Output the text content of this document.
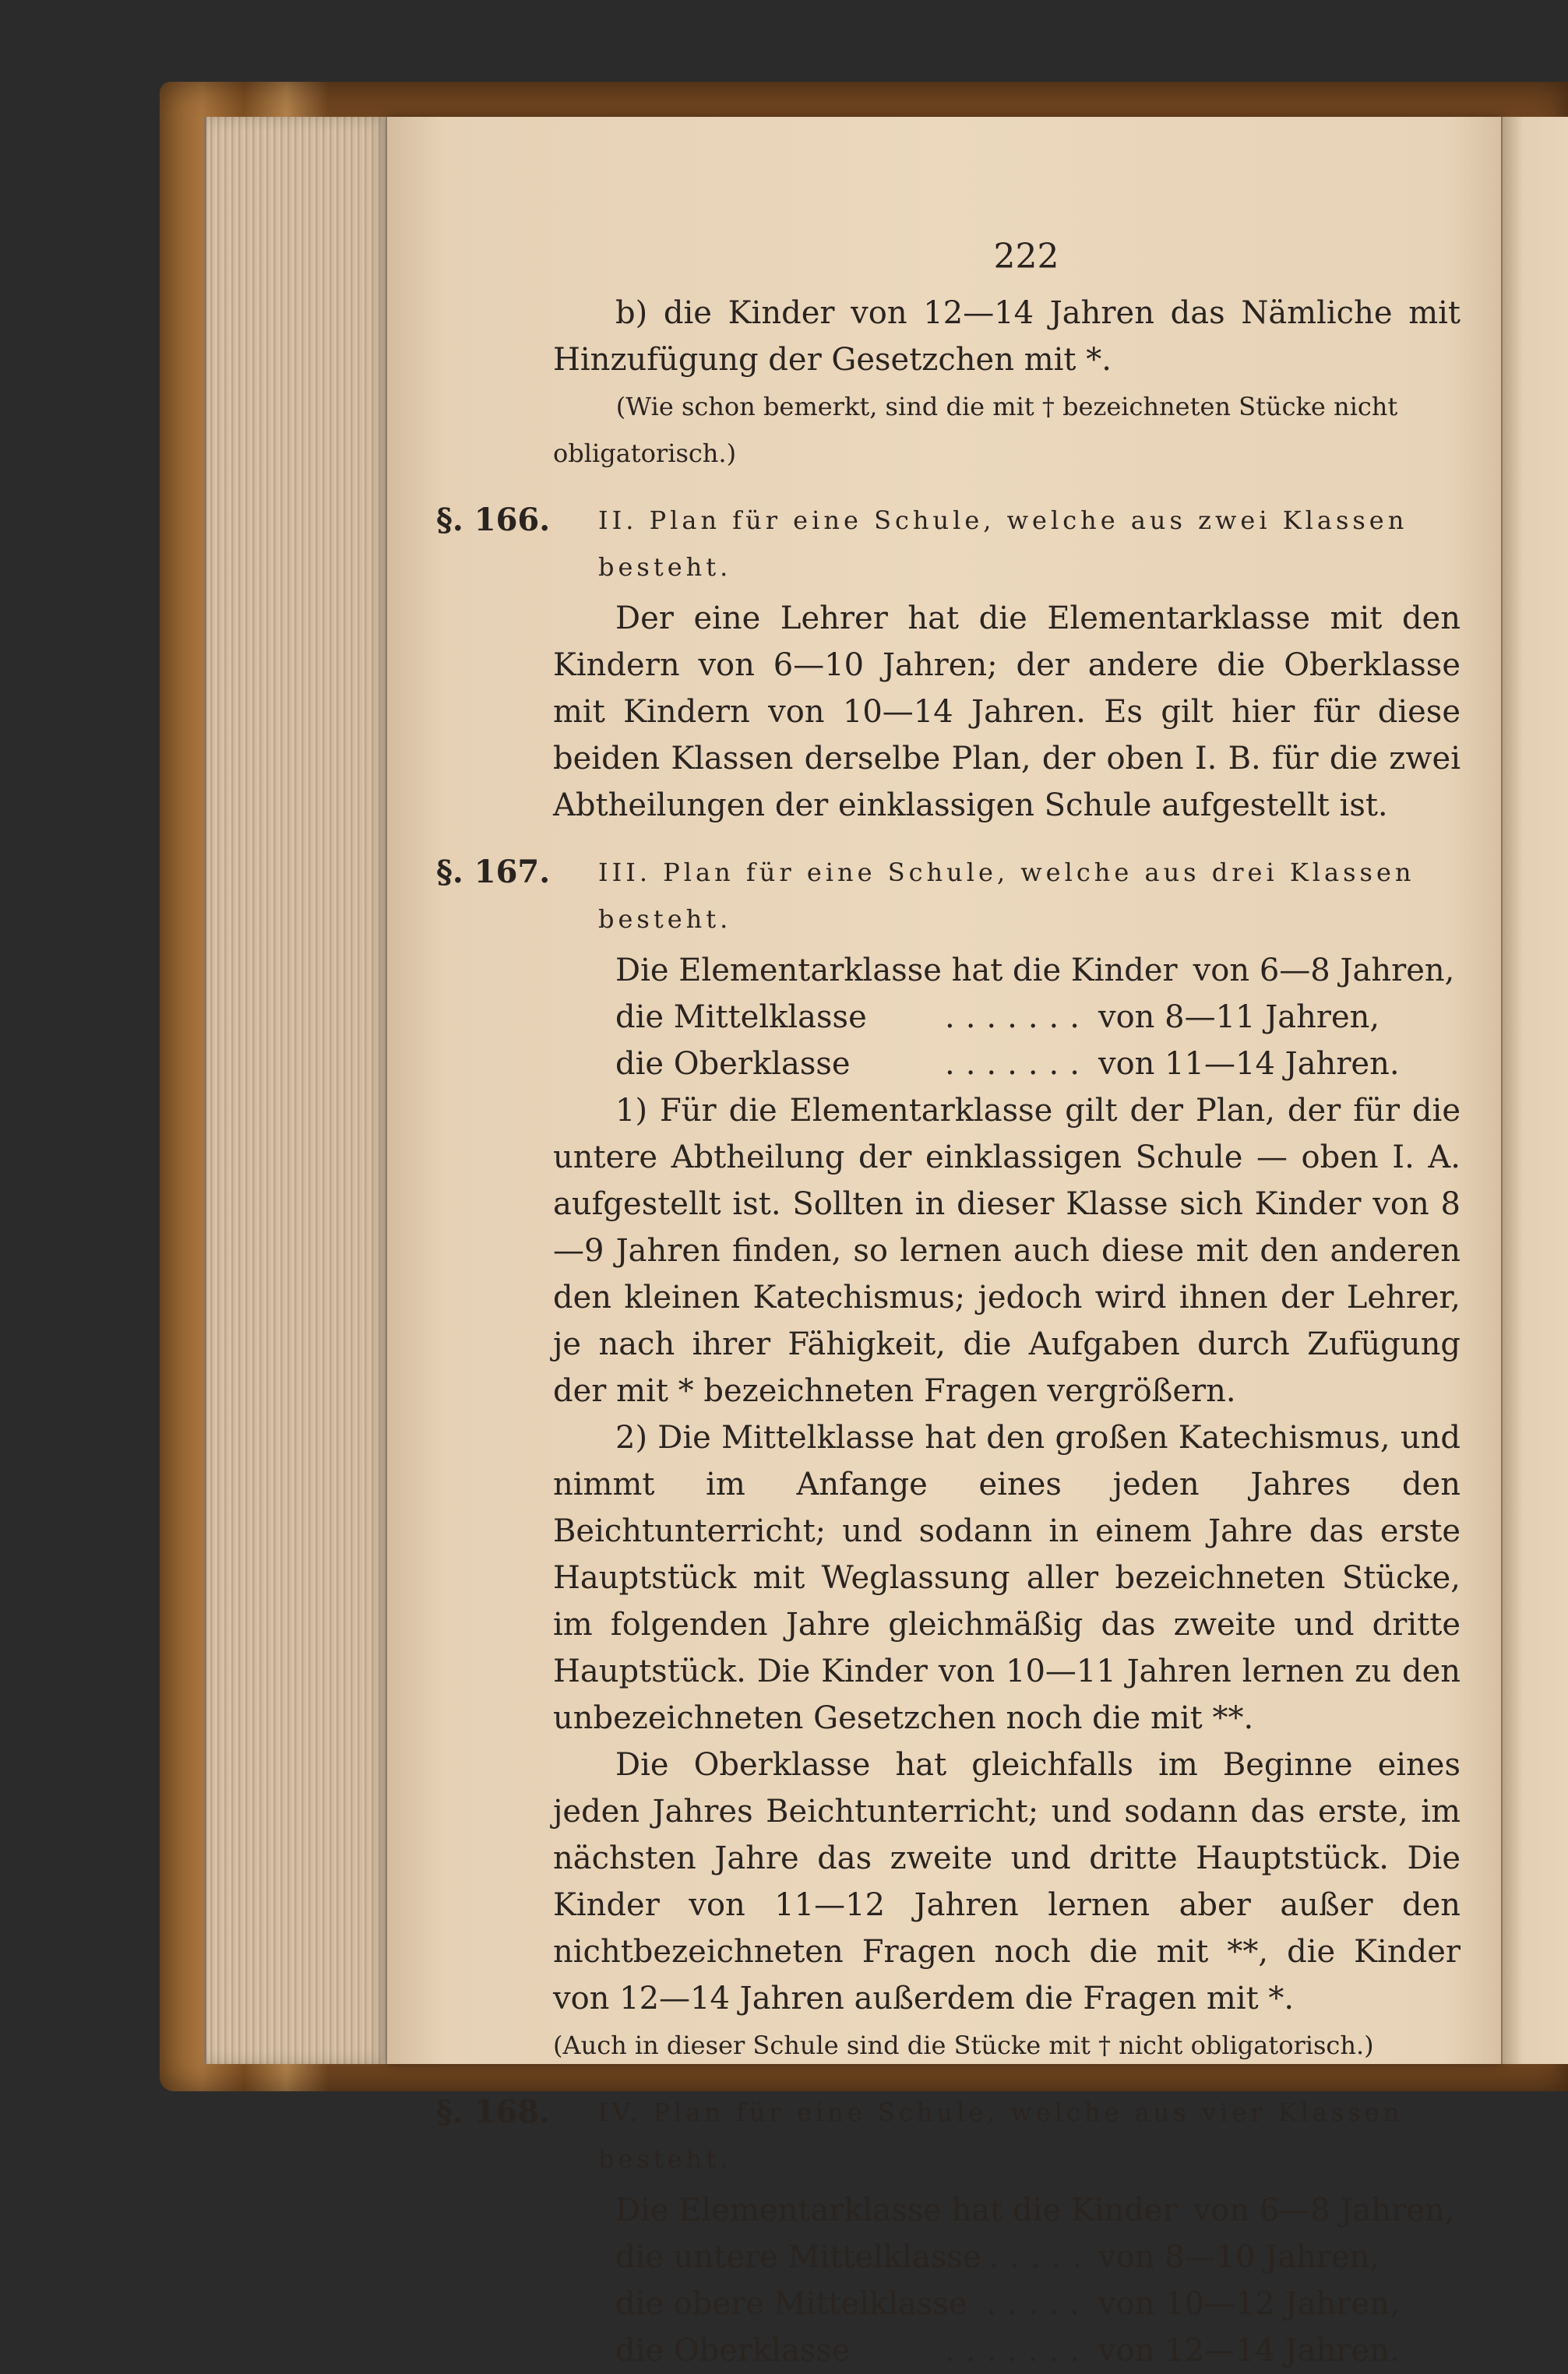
222

b) die Kinder von 12—14 Jahren das Nämliche mit Hinzufügung der Gesetzchen mit *.

(Wie schon bemerkt, sind die mit † bezeichneten Stücke nicht obligatorisch.)

§. 166.	II. Plan für eine Schule, welche aus zwei Klassen besteht.

Der eine Lehrer hat die Elementarklasse mit den Kindern von 6—10 Jahren; der andere die Oberklasse mit Kindern von 10—14 Jahren. Es gilt hier für diese beiden Klassen derselbe Plan, der oben I. B. für die zwei Abtheilungen der einklassigen Schule aufgestellt ist.

§. 167.	III. Plan für eine Schule, welche aus drei Klassen besteht.
Die Elementarklasse hat die Kinder von 6—8 Jahren,
die Mittelklasse	....... von 8—11 Jahren,
die Oberklasse	....... von 11—14 Jahren.

1) Für die Elementarklasse gilt der Plan, der für die untere Abtheilung der einklassigen Schule — oben I. A. aufgestellt ist. Sollten in dieser Klasse sich Kinder von 8—9 Jahren finden, so lernen auch diese mit den anderen den kleinen Katechismus; jedoch wird ihnen der Lehrer, je nach ihrer Fähigkeit, die Aufgaben durch Zufügung der mit * bezeichneten Fragen vergrößern.

2) Die Mittelklasse hat den großen Katechismus, und nimmt im Anfange eines jeden Jahres den Beichtunterricht; und sodann in einem Jahre das erste Hauptstück mit Weglassung aller bezeichneten Stücke, im folgenden Jahre gleichmäßig das zweite und dritte Hauptstück. Die Kinder von 10—11 Jahren lernen zu den unbezeichneten Gesetzchen noch die mit **.

Die Oberklasse hat gleichfalls im Beginne eines jeden Jahres Beichtunterricht; und sodann das erste, im nächsten Jahre das zweite und dritte Hauptstück. Die Kinder von 11—12 Jahren lernen aber außer den nichtbezeichneten Fragen noch die mit **, die Kinder von 12—14 Jahren außerdem die Fragen mit *.

(Auch in dieser Schule sind die Stücke mit † nicht obligatorisch.)

§. 168.	IV. Plan für eine Schule, welche aus vier Klassen besteht.
Die Elementarklasse hat die Kinder von 6—8 Jahren,
die untere Mittelklasse ..... von 8—10 Jahren,
die obere Mittelklasse ..... von 10—12 Jahren,
die Oberklasse	....... von 12—14 Jahren.
